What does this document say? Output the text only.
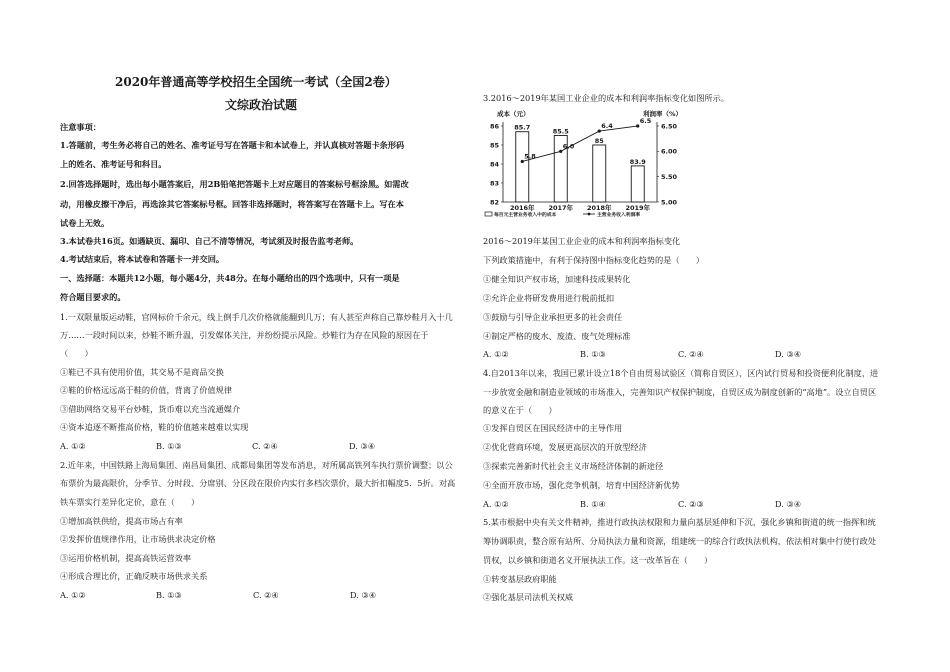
2020年普通高等学校招生全国统一考试（全国2卷）
文综政治试题
注意事项：
1.答题前，考生务必将自己的姓名、准考证号写在答题卡和本试卷上，并认真核对答题卡条形码
上的姓名、准考证号和科目。
2.回答选择题时，选出每小题答案后，用2B铅笔把答题卡上对应题目的答案标号框涂黑。如需改
动，用橡皮擦干净后，再选涂其它答案标号框。回答非选择题时，将答案写在答题卡上。写在本
试卷上无效。
3.本试卷共16页。如遇缺页、漏印、自己不清等情况，考试须及时报告监考老师。
4.考试结束后，将本试卷和答题卡一并交回。
一、选择题：本题共12小题，每小题4分，共48分。在每小题给出的四个选项中，只有一项是
符合题目要求的。
1.一双限量版运动鞋，官网标价千余元，线上倒手几次价格就能翻到几万；有人甚至声称自己靠炒鞋月入十几
万……一段时间以来，炒鞋不断升温，引发媒体关注，并纷纷提示风险。炒鞋行为存在风险的原因在于
（　　）
①鞋已不具有使用价值，其交易不是商品交换
②鞋的价格远远高于鞋的价值，背离了价值规律
③借助网络交易平台炒鞋，货币难以充当流通媒介
④资本追逐不断推高价格，鞋的价值越来越难以实现
A. ①②	B. ①③	C. ②④	D. ③④
2.近年来，中国铁路上海局集团、南昌局集团、成都局集团等发布消息，对所属高铁列车执行票价调整；以公
布票价为最高限价，分季节、分时段、分席别、分区段在限价内实行多档次票价，最大折扣幅度5．5折。对高
铁车票实行差异化定价，意在（　　）
①增加高铁供给，提高市场占有率
②发挥价值规律作用，让市场供求决定价格
③运用价格机制，提高高铁运营效率
④形成合理比价，正确反映市场供求关系
A. ①②	B. ①③	C. ②④	D. ③④
3.2016～2019年某国工业企业的成本和利润率指标变化如图所示。
成本（元）	利润率（%）
86
85
84
83
82
6.50
6.00
5.50
5.00
85.7
2016年
85.5
2017年
85
2018年
83.9
2019年
5.8
6.0
6.4
6.5
每百元主营业务收入中的成本	主营业务收入利润率
2016～2019年某国工业企业的成本和利润率指标变化
下列政策措施中，有利于保持图中指标变化趋势的是（　　）
①健全知识产权市场，加速科技成果转化
②允许企业将研发费用进行税前抵扣
③鼓励与引导企业承担更多的社会责任
④制定严格的废水、废渣、废气处理标准
A. ①②	B. ①③	C. ②④	D. ③④
4.自2013年以来，我国已累计设立18个自由贸易试验区（简称自贸区），区内试行贸易和投资便利化制度，进
一步放宽金融和制造业领域的市场准入，完善知识产权保护制度，自贸区成为制度创新的“高地”。设立自贸区
的意义在于（　　）
①发挥自贸区在国民经济中的主导作用
②优化营商环境，发展更高层次的开放型经济
③探索完善新时代社会主义市场经济体制的新途径
④全面开放市场，强化竞争机制，培育中国经济新优势
A. ①②	B. ①④	C. ②③	D. ③④
5.某市根据中央有关文件精神，推进行政执法权限和力量向基层延伸和下沉，强化乡镇和街道的统一指挥和统
筹协调职责，整合原有站所、分局执法力量和资源，组建统一的综合行政执法机构，依法相对集中行使行政处
罚权，以乡镇和街道名义开展执法工作。这一改革旨在（　　）
①转变基层政府职能
②强化基层司法机关权威
